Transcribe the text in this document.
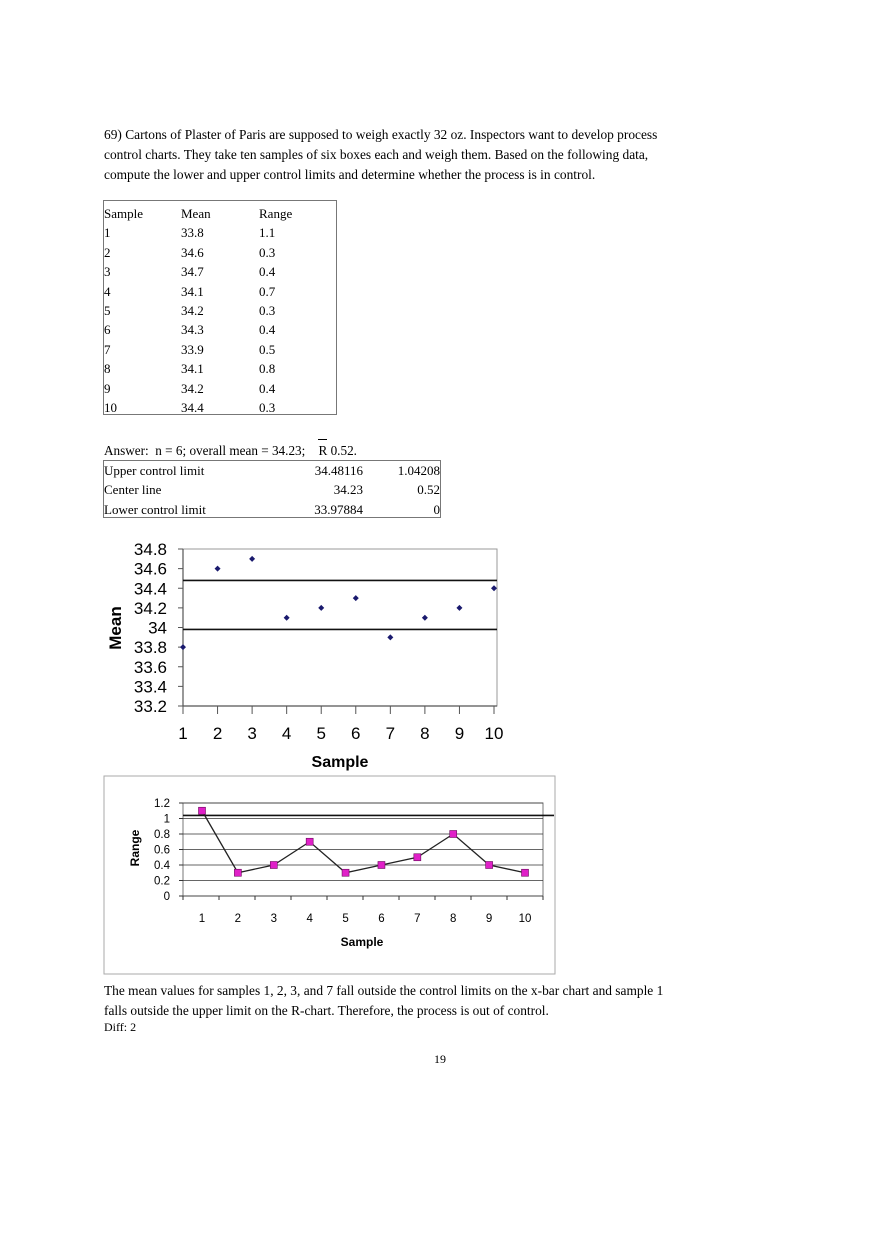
69) Cartons of Plaster of Paris are supposed to weigh exactly 32 oz. Inspectors want to develop process

control charts. They take ten samples of six boxes each and weigh them. Based on the following data,

compute the lower and upper control limits and determine whether the process is in control.

Sample	Mean	Range
1	33.8	1.1
2	34.6	0.3
3	34.7	0.4
4	34.1	0.7
5	34.2	0.3
6	34.3	0.4
7	33.9	0.5
8	34.1	0.8
9	34.2	0.4
10	34.4	0.3
Answer:  n = 6; overall mean = 34.23;    R 0.52.
Upper control limit	34.48116	1.04208
Center line	34.23	0.52
Lower control limit	33.97884	0
33.2
33.4
33.6
33.8
34
34.2
34.4
34.6
34.8
1 2 3 4 5 6 7 8 9 10
Sample
Mean
0
0.2
0.4
0.6
0.8
1
1.2
1	2	3	4	5	6	7	8	9 10
Sample
Range

The mean values for samples 1, 2, 3, and 7 fall outside the control limits on the x-bar chart and sample 1

falls outside the upper limit on the R-chart. Therefore, the process is out of control.

Diff: 2
19
